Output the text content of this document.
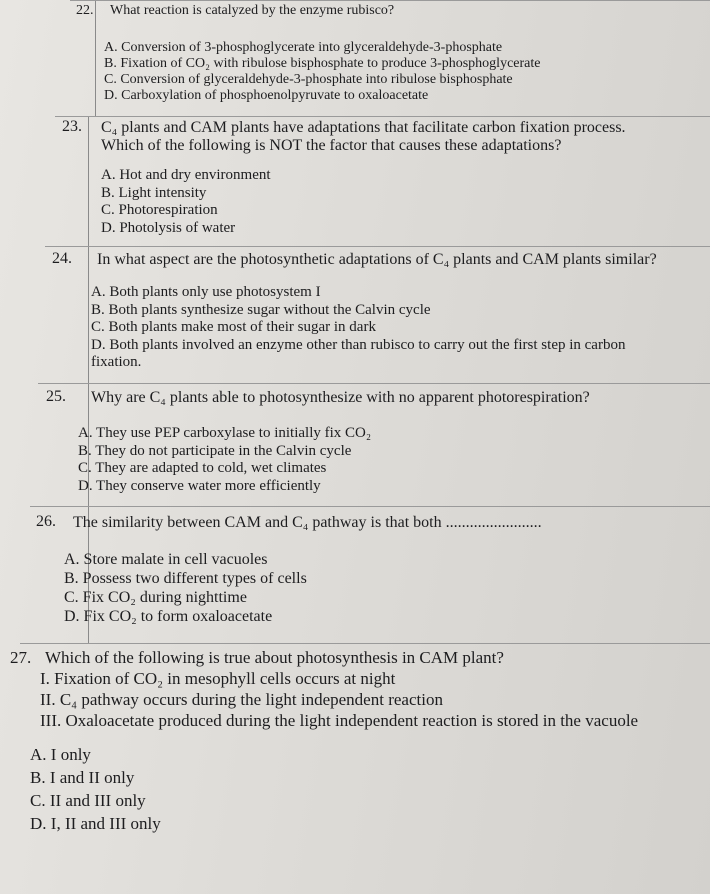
22. What reaction is catalyzed by the enzyme rubisco?
A. Conversion of 3-phosphoglycerate into glyceraldehyde-3-phosphate
B. Fixation of CO₂ with ribulose bisphosphate to produce 3-phosphoglycerate
C. Conversion of glyceraldehyde-3-phosphate into ribulose bisphosphate
D. Carboxylation of phosphoenolpyruvate to oxaloacetate
23. C₄ plants and CAM plants have adaptations that facilitate carbon fixation process.
Which of the following is NOT the factor that causes these adaptations?
A. Hot and dry environment
B. Light intensity
C. Photorespiration
D. Photolysis of water
24. In what aspect are the photosynthetic adaptations of C₄ plants and CAM plants similar?
A. Both plants only use photosystem I
B. Both plants synthesize sugar without the Calvin cycle
C. Both plants make most of their sugar in dark
D. Both plants involved an enzyme other than rubisco to carry out the first step in carbon
fixation.
25. Why are C₄ plants able to photosynthesize with no apparent photorespiration?
A. They use PEP carboxylase to initially fix CO₂
B. They do not participate in the Calvin cycle
C. They are adapted to cold, wet climates
D. They conserve water more efficiently
26. The similarity between CAM and C₄ pathway is that both ........................
A. Store malate in cell vacuoles
B. Possess two different types of cells
C. Fix CO₂ during nighttime
D. Fix CO₂ to form oxaloacetate
27. Which of the following is true about photosynthesis in CAM plant?
I. Fixation of CO₂ in mesophyll cells occurs at night
II. C₄ pathway occurs during the light independent reaction
III. Oxaloacetate produced during the light independent reaction is stored in the vacuole
A. I only
B. I and II only
C. II and III only
D. I, II and III only
